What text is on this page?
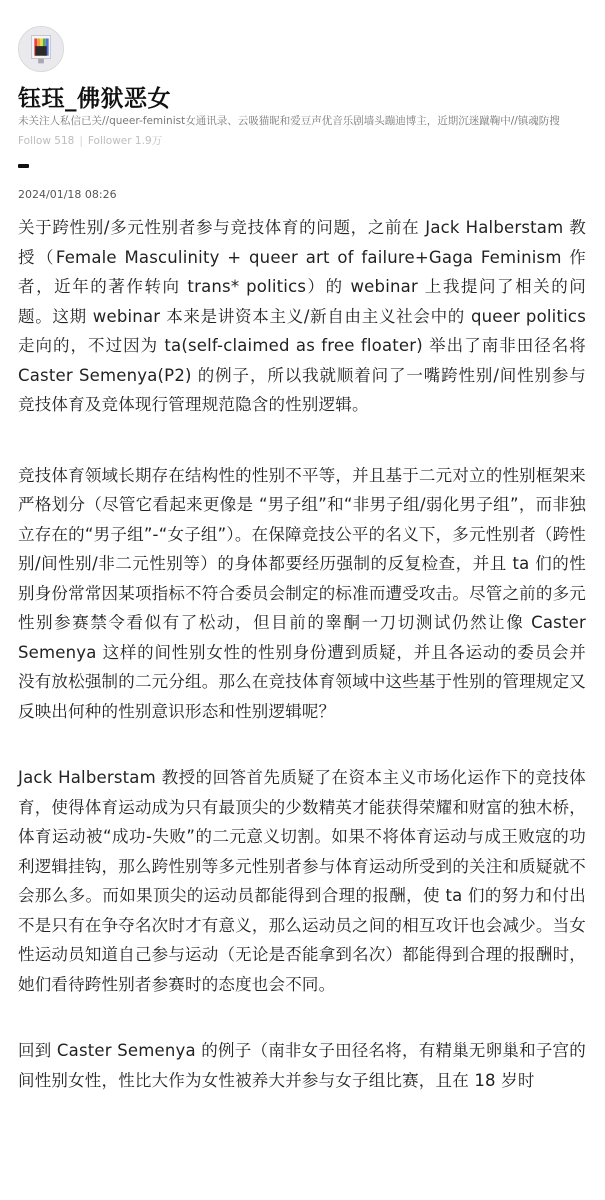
钰珏_佛狱恶女
未关注人私信已关//queer-feminist女通讯录、云吸猫昵和爱豆声优音乐剧墙头蹦迪博主，近期沉迷蹴鞠中//镇魂防搜
Follow 518 | Follower 1.9万
2024/01/18 08:26

关于跨性别/多元性别者参与竞技体育的问题，之前在 Jack Halberstam 教授（Female Masculinity + queer art of failure+Gaga Feminism 作者，近年的著作转向 trans* politics）的 webinar 上我提问了相关的问题。这期 webinar 本来是讲资本主义/新自由主义社会中的 queer politics 走向的，不过因为 ta(self-claimed as free floater) 举出了南非田径名将 Caster Semenya(P2) 的例子，所以我就顺着问了一嘴跨性别/间性别参与竞技体育及竞体现行管理规范隐含的性别逻辑。

竞技体育领域长期存在结构性的性别不平等，并且基于二元对立的性别框架来严格划分（尽管它看起来更像是 “男子组”和“非男子组/弱化男子组”，而非独立存在的“男子组”-“女子组”）。在保障竞技公平的名义下，多元性别者（跨性别/间性别/非二元性别等）的身体都要经历强制的反复检查，并且 ta 们的性别身份常常因某项指标不符合委员会制定的标准而遭受攻击。尽管之前的多元性别参赛禁令看似有了松动，但目前的睾酮一刀切测试仍然让像 Caster Semenya 这样的间性别女性的性别身份遭到质疑，并且各运动的委员会并没有放松强制的二元分组。那么在竞技体育领域中这些基于性别的管理规定又反映出何种的性别意识形态和性别逻辑呢？

Jack Halberstam 教授的回答首先质疑了在资本主义市场化运作下的竞技体育，使得体育运动成为只有最顶尖的少数精英才能获得荣耀和财富的独木桥，体育运动被“成功-失败”的二元意义切割。如果不将体育运动与成王败寇的功利逻辑挂钩，那么跨性别等多元性别者参与体育运动所受到的关注和质疑就不会那么多。而如果顶尖的运动员都能得到合理的报酬，使 ta 们的努力和付出不是只有在争夺名次时才有意义，那么运动员之间的相互攻讦也会减少。当女性运动员知道自己参与运动（无论是否能拿到名次）都能得到合理的报酬时，她们看待跨性别者参赛时的态度也会不同。

回到 Caster Semenya 的例子（南非女子田径名将，有精巢无卵巢和子宫的间性别女性，性比大作为女性被养大并参与女子组比赛，且在 18 岁时
